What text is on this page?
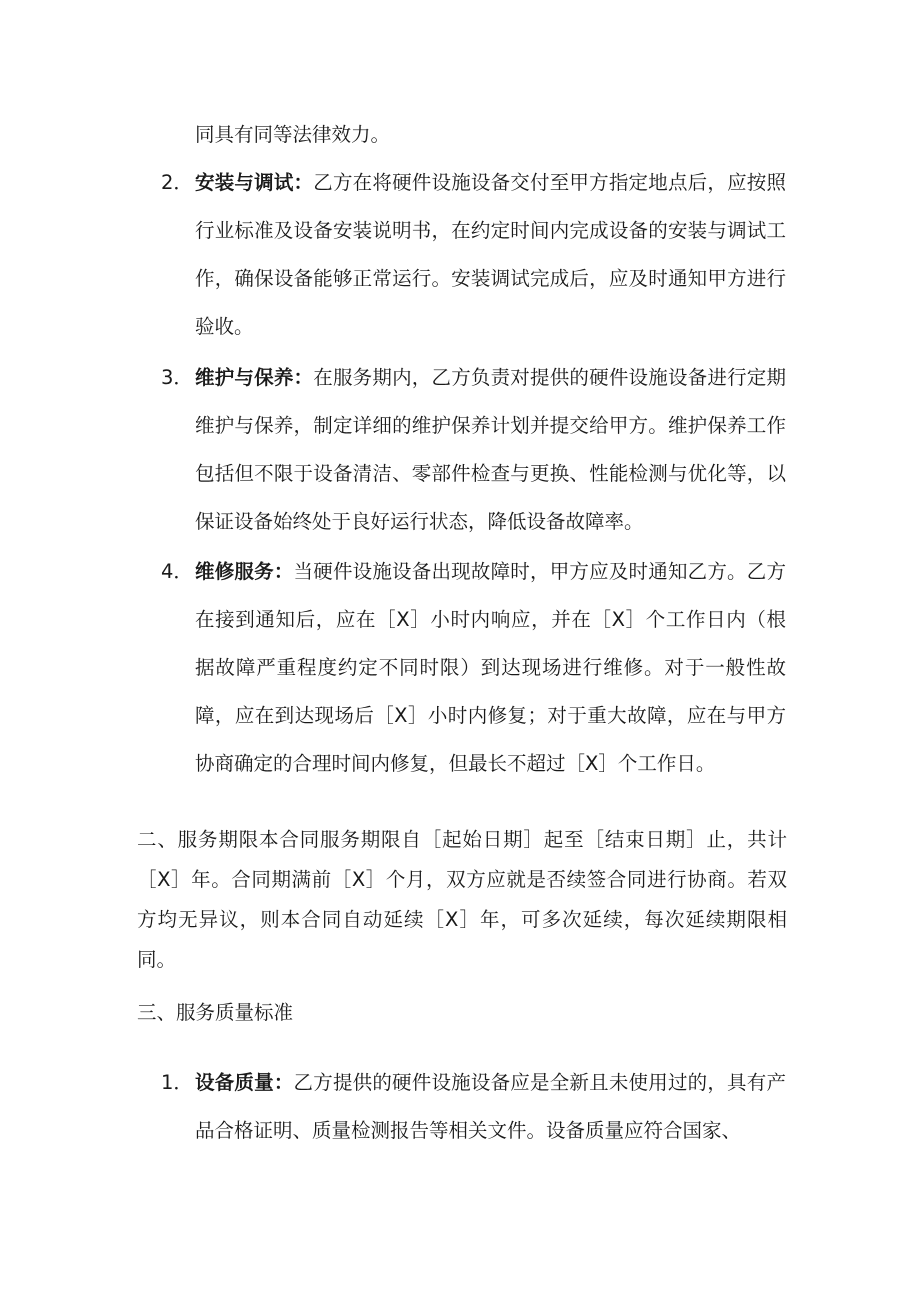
同具有同等法律效力。
2． 安装与调试：乙方在将硬件设施设备交付至甲方指定地点后，应按照行业标准及设备安装说明书，在约定时间内完成设备的安装与调试工作，确保设备能够正常运行。安装调试完成后，应及时通知甲方进行验收。
3． 维护与保养：在服务期内，乙方负责对提供的硬件设施设备进行定期维护与保养，制定详细的维护保养计划并提交给甲方。维护保养工作包括但不限于设备清洁、零部件检查与更换、性能检测与优化等，以保证设备始终处于良好运行状态，降低设备故障率。
4． 维修服务：当硬件设施设备出现故障时，甲方应及时通知乙方。乙方在接到通知后，应在［X］小时内响应，并在［X］个工作日内（根据故障严重程度约定不同时限）到达现场进行维修。对于一般性故障，应在到达现场后［X］小时内修复；对于重大故障，应在与甲方协商确定的合理时间内修复，但最长不超过［X］个工作日。
二、服务期限本合同服务期限自［起始日期］起至［结束日期］止，共计［X］年。合同期满前［X］个月，双方应就是否续签合同进行协商。若双方均无异议，则本合同自动延续［X］年，可多次延续，每次延续期限相同。
三、服务质量标准
1． 设备质量：乙方提供的硬件设施设备应是全新且未使用过的，具有产品合格证明、质量检测报告等相关文件。设备质量应符合国家、
